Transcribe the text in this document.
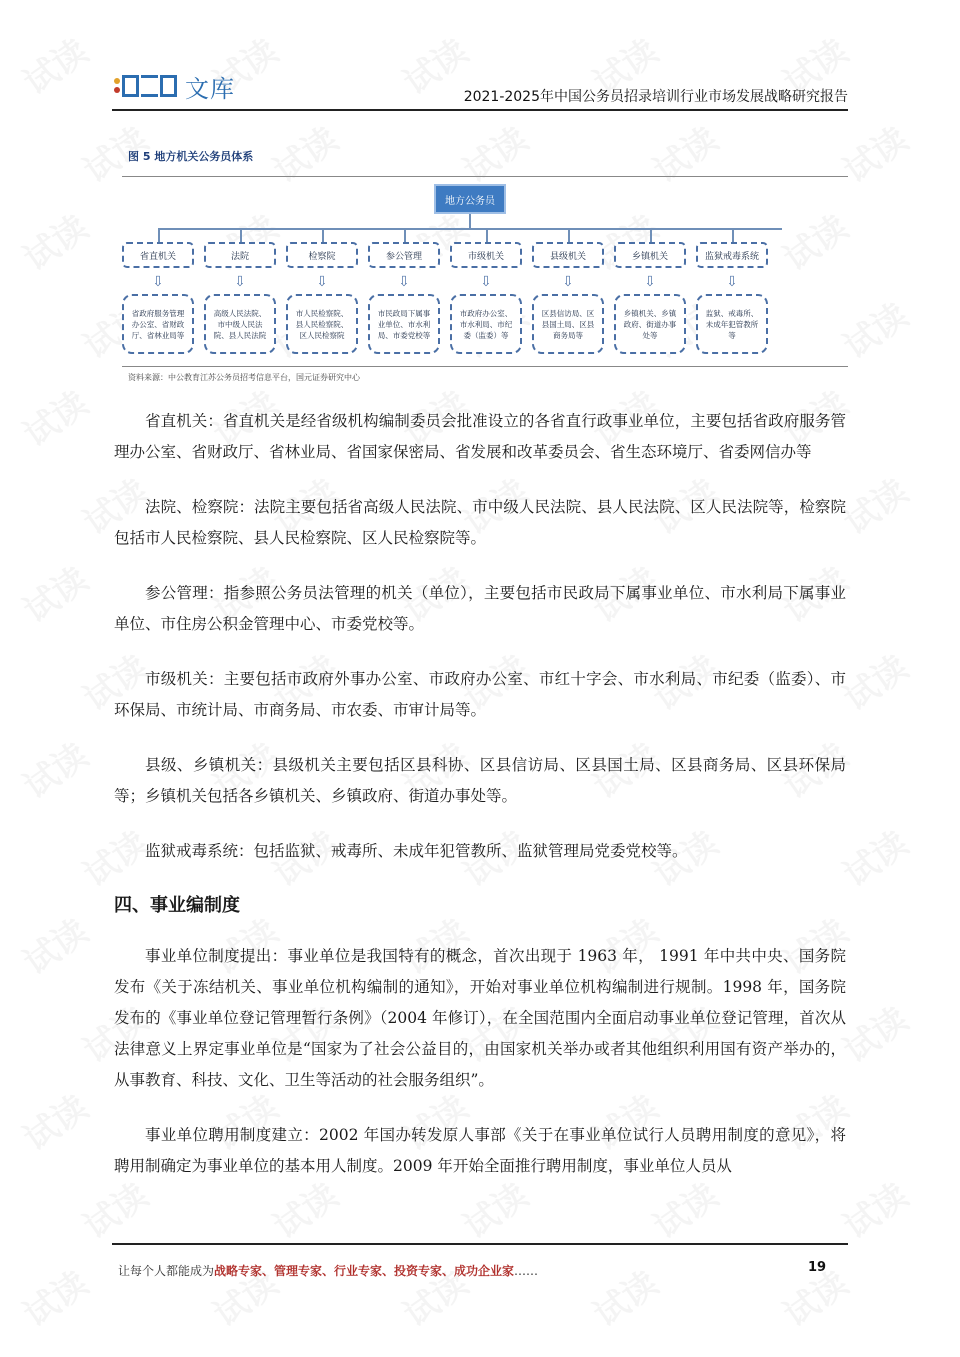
文库	2021-2025年中国公务员招录培训行业市场发展战略研究报告
图 5 地方机关公务员体系
地方公务员
省直机关
⇩
省政府服务管理办公室、省财政厅、省林业局等
法院
⇩
高级人民法院、市中级人民法院、县人民法院
检察院
⇩
市人民检察院、县人民检察院、区人民检察院
参公管理
⇩
市民政局下属事业单位、市水利局、市委党校等
市级机关
⇩
市政府办公室、市水利局、市纪委（监委）等
县级机关
⇩
区县信访局、区县国土局、区县商务局等
乡镇机关
⇩
乡镇机关、乡镇政府、街道办事处等
监狱戒毒系统
⇩
监狱、戒毒所、未成年犯管教所等
资料来源：中公教育江苏公务员招考信息平台，国元证券研究中心

省直机关：省直机关是经省级机构编制委员会批准设立的各省直行政事业单位，主要包括省政府服务管理办公室、省财政厅、省林业局、省国家保密局、省发展和改革委员会、省生态环境厅、省委网信办等

法院、检察院：法院主要包括省高级人民法院、市中级人民法院、县人民法院、区人民法院等，检察院包括市人民检察院、县人民检察院、区人民检察院等。

参公管理：指参照公务员法管理的机关（单位），主要包括市民政局下属事业单位、市水利局下属事业单位、市住房公积金管理中心、市委党校等。

市级机关：主要包括市政府外事办公室、市政府办公室、市红十字会、市水利局、市纪委（监委）、市环保局、市统计局、市商务局、市农委、市审计局等。

县级、乡镇机关：县级机关主要包括区县科协、区县信访局、区县国土局、区县商务局、区县环保局等；乡镇机关包括各乡镇机关、乡镇政府、街道办事处等。

监狱戒毒系统：包括监狱、戒毒所、未成年犯管教所、监狱管理局党委党校等。

四、事业编制度

事业单位制度提出：事业单位是我国特有的概念，首次出现于 1963 年， 1991 年中共中央、国务院发布《关于冻结机关、事业单位机构编制的通知》，开始对事业单位机构编制进行规制。1998 年，国务院发布的《事业单位登记管理暂行条例》（2004 年修订），在全国范围内全面启动事业单位登记管理，首次从法律意义上界定事业单位是“国家为了社会公益目的，由国家机关举办或者其他组织利用国有资产举办的，从事教育、科技、文化、卫生等活动的社会服务组织”。

事业单位聘用制度建立：2002 年国办转发原人事部《关于在事业单位试行人员聘用制度的意见》，将聘用制确定为事业单位的基本用人制度。2009 年开始全面推行聘用制度，事业单位人员从

让每个人都能成为战略专家、管理专家、行业专家、投资专家、成功企业家……	19
